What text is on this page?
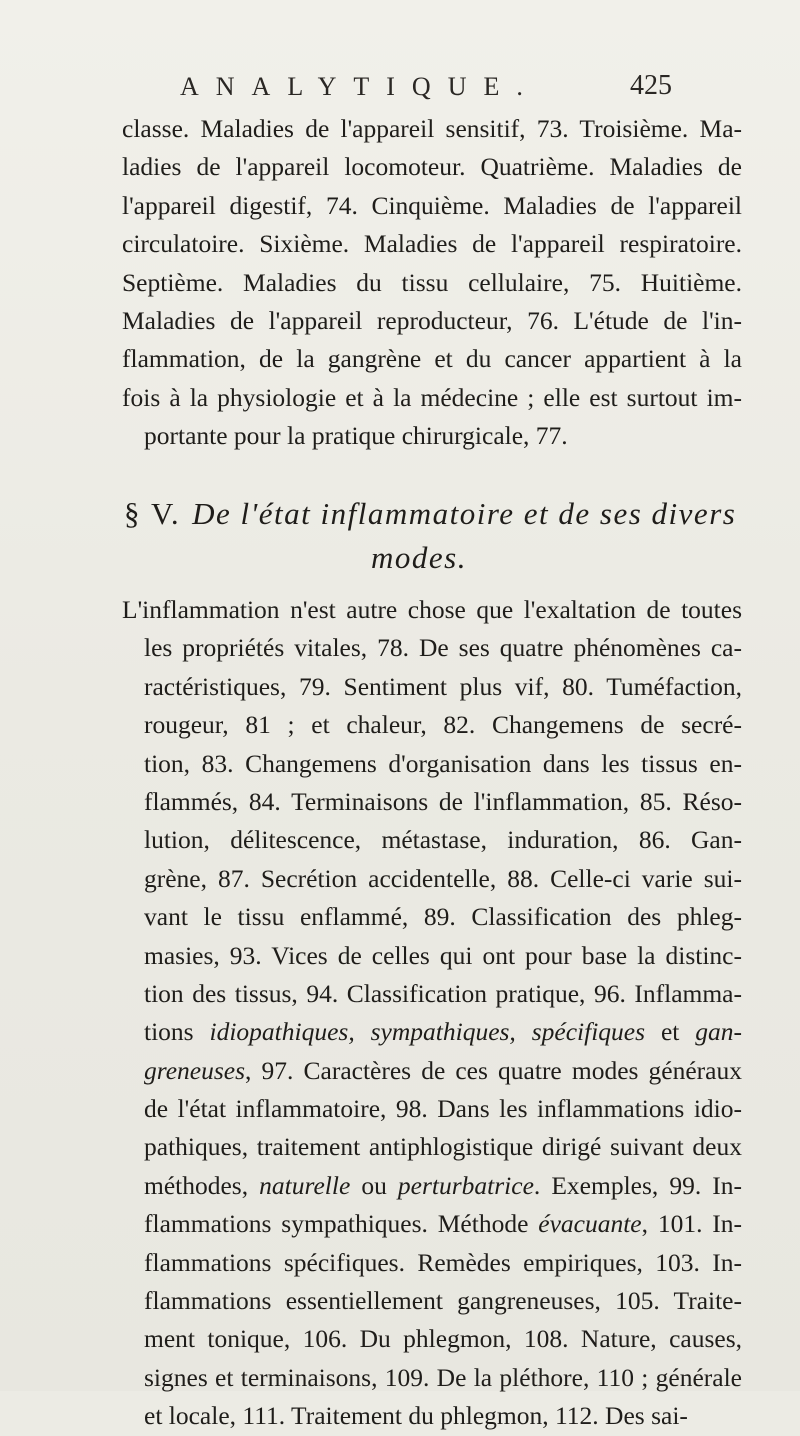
ANALYTIQUE.	425
classe. Maladies de l'appareil sensitif, 73. Troisième. Ma-
ladies de l'appareil locomoteur. Quatrième. Maladies de
l'appareil digestif, 74. Cinquième. Maladies de l'appareil
circulatoire. Sixième. Maladies de l'appareil respiratoire.
Septième. Maladies du tissu cellulaire, 75. Huitième.
Maladies de l'appareil reproducteur, 76. L'étude de l'in-
flammation, de la gangrène et du cancer appartient à la
fois à la physiologie et à la médecine ; elle est surtout im-
portante pour la pratique chirurgicale, 77.
§ V. De l'état inflammatoire et de ses divers
modes.
L'inflammation n'est autre chose que l'exaltation de toutes
les propriétés vitales, 78. De ses quatre phénomènes ca-
ractéristiques, 79. Sentiment plus vif, 80. Tuméfaction,
rougeur, 81 ; et chaleur, 82. Changemens de secré-
tion, 83. Changemens d'organisation dans les tissus en-
flammés, 84. Terminaisons de l'inflammation, 85. Réso-
lution, délitescence, métastase, induration, 86. Gan-
grène, 87. Secrétion accidentelle, 88. Celle-ci varie sui-
vant le tissu enflammé, 89. Classification des phleg-
masies, 93. Vices de celles qui ont pour base la distinc-
tion des tissus, 94. Classification pratique, 96. Inflamma-
tions idiopathiques, sympathiques, spécifiques et gan-
greneuses, 97. Caractères de ces quatre modes généraux
de l'état inflammatoire, 98. Dans les inflammations idio-
pathiques, traitement antiphlogistique dirigé suivant deux
méthodes, naturelle ou perturbatrice. Exemples, 99. In-
flammations sympathiques. Méthode évacuante, 101. In-
flammations spécifiques. Remèdes empiriques, 103. In-
flammations essentiellement gangreneuses, 105. Traite-
ment tonique, 106. Du phlegmon, 108. Nature, causes,
signes et terminaisons, 109. De la pléthore, 110 ; générale
et locale, 111. Traitement du phlegmon, 112. Des sai-
